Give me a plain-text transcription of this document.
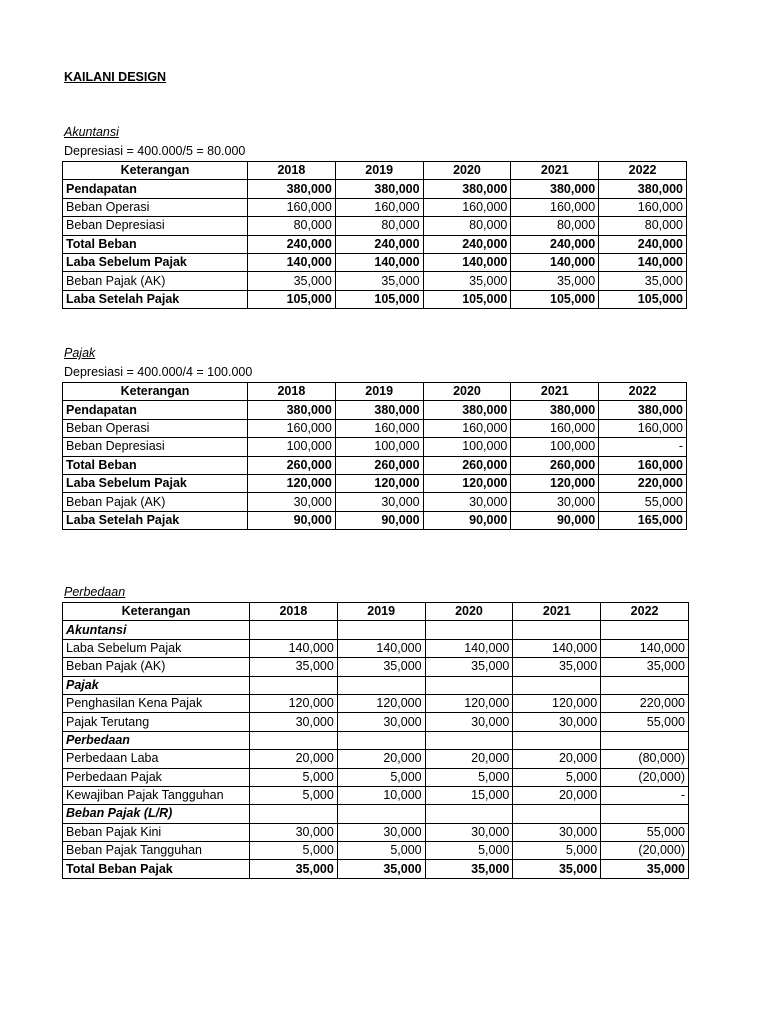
KAILANI DESIGN
Akuntansi
Depresiasi = 400.000/5 = 80.000
Keterangan	2018	2019	2020	2021	2022
Pendapatan	380,000	380,000	380,000	380,000	380,000
Beban Operasi	160,000	160,000	160,000	160,000	160,000
Beban Depresiasi	80,000	80,000	80,000	80,000	80,000
Total Beban	240,000	240,000	240,000	240,000	240,000
Laba Sebelum Pajak	140,000	140,000	140,000	140,000	140,000
Beban Pajak (AK)	35,000	35,000	35,000	35,000	35,000
Laba Setelah Pajak	105,000	105,000	105,000	105,000	105,000
Pajak
Depresiasi = 400.000/4 = 100.000
Keterangan	2018	2019	2020	2021	2022
Pendapatan	380,000	380,000	380,000	380,000	380,000
Beban Operasi	160,000	160,000	160,000	160,000	160,000
Beban Depresiasi	100,000	100,000	100,000	100,000	-
Total Beban	260,000	260,000	260,000	260,000	160,000
Laba Sebelum Pajak	120,000	120,000	120,000	120,000	220,000
Beban Pajak (AK)	30,000	30,000	30,000	30,000	55,000
Laba Setelah Pajak	90,000	90,000	90,000	90,000	165,000
Perbedaan
Keterangan	2018	2019	2020	2021	2022
Akuntansi					
Laba Sebelum Pajak	140,000	140,000	140,000	140,000	140,000
Beban Pajak (AK)	35,000	35,000	35,000	35,000	35,000
Pajak					
Penghasilan Kena Pajak	120,000	120,000	120,000	120,000	220,000
Pajak Terutang	30,000	30,000	30,000	30,000	55,000
Perbedaan					
Perbedaan Laba	20,000	20,000	20,000	20,000	(80,000)
Perbedaan Pajak	5,000	5,000	5,000	5,000	(20,000)
Kewajiban Pajak Tangguhan	5,000	10,000	15,000	20,000	-
Beban Pajak (L/R)					
Beban Pajak Kini	30,000	30,000	30,000	30,000	55,000
Beban Pajak Tangguhan	5,000	5,000	5,000	5,000	(20,000)
Total Beban Pajak	35,000	35,000	35,000	35,000	35,000
